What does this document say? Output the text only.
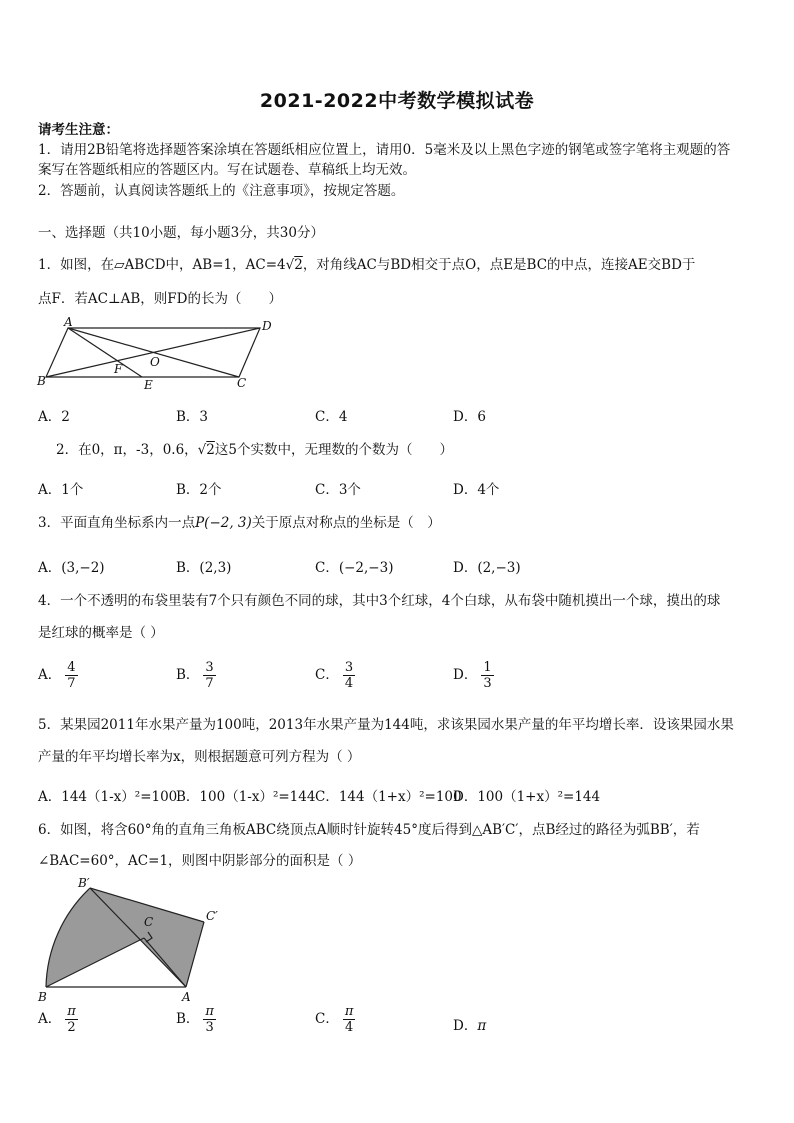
2021-2022中考数学模拟试卷
请考生注意：
1．请用2B铅笔将选择题答案涂填在答题纸相应位置上，请用0．5毫米及以上黑色字迹的钢笔或签字笔将主观题的答
案写在答题纸相应的答题区内。写在试题卷、草稿纸上均无效。
2．答题前，认真阅读答题纸上的《注意事项》，按规定答题。
一、选择题（共10小题，每小题3分，共30分）
1．如图，在▱ABCD中，AB=1，AC=4√2，对角线AC与BD相交于点O，点E是BC的中点，连接AE交BD于
点F．若AC⊥AB，则FD的长为（　　）
A	D
O
F
B	E	C
A．2	B．3	C．4	D．6
2．在0，π，-3，0.6，√2这5个实数中，无理数的个数为（　　）
A．1个	B．2个	C．3个	D．4个
3．平面直角坐标系内一点P(−2, 3)关于原点对称点的坐标是（　）
A．(3,−2)	B．(2,3)	C．(−2,−3)	D．(2,−3)
4．一个不透明的布袋里装有7个只有颜色不同的球，其中3个红球，4个白球，从布袋中随机摸出一个球，摸出的球
是红球的概率是（ ）
A． $\frac{4}{7}$	B． $\frac{3}{7}$	C． $\frac{3}{4}$	D． $\frac{1}{3}$
5．某果园2011年水果产量为100吨，2013年水果产量为144吨，求该果园水果产量的年平均增长率．设该果园水果
产量的年平均增长率为x，则根据题意可列方程为（ ）
A．144（1-x）²=100
B．100（1-x）²=144 C．144（1+x）²=100
D．100（1+x）²=144
6．如图，将含60°角的直角三角板ABC绕顶点A顺时针旋转45°度后得到△AB′C′，点B经过的路径为弧BB′，若
∠BAC=60°，AC=1，则图中阴影部分的面积是（ ）
B′
C	C′
B	A
A． $\frac{\pi}{2}$	B． $\frac{\pi}{3}$	C． $\frac{\pi}{4}$	D．π
